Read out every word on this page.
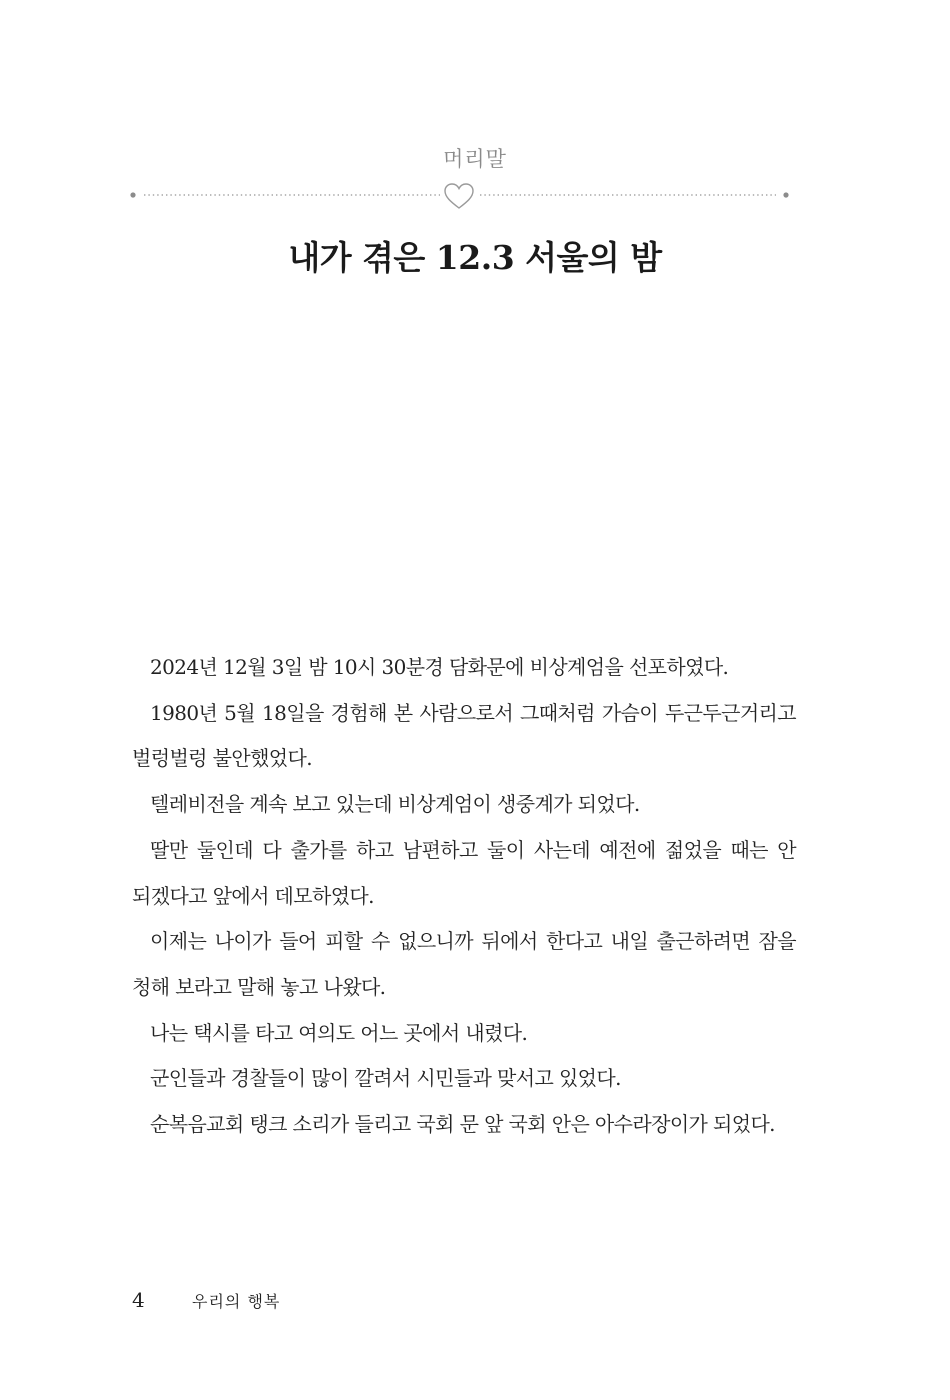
머리말
내가 겪은 12.3 서울의 밤

2024년 12월 3일 밤 10시 30분경 담화문에 비상계엄을 선포하였다.

1980년 5월 18일을 경험해 본 사람으로서 그때처럼 가슴이 두근두근거리고 벌렁벌렁 불안했었다.

텔레비전을 계속 보고 있는데 비상계엄이 생중계가 되었다.

딸만 둘인데 다 출가를 하고 남편하고 둘이 사는데 예전에 젊었을 때는 안 되겠다고 앞에서 데모하였다.

이제는 나이가 들어 피할 수 없으니까 뒤에서 한다고 내일 출근하려면 잠을 청해 보라고 말해 놓고 나왔다.

나는 택시를 타고 여의도 어느 곳에서 내렸다.

군인들과 경찰들이 많이 깔려서 시민들과 맞서고 있었다.

순복음교회 탱크 소리가 들리고 국회 문 앞 국회 안은 아수라장이가 되었다.

4	우리의 행복
